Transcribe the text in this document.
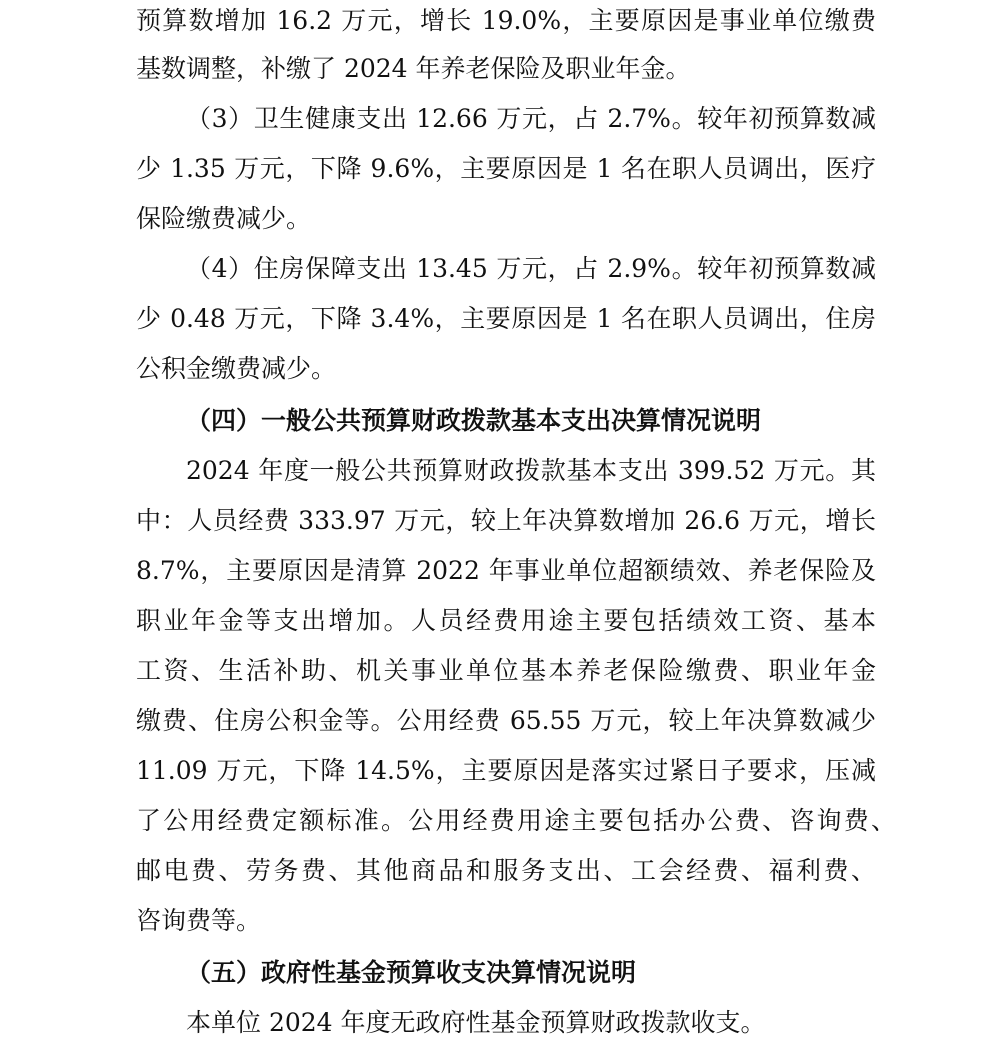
预算数增加 16.2 万元，增长 19.0%，主要原因是事业单位缴费
基数调整，补缴了 2024 年养老保险及职业年金。
（3）卫生健康支出 12.66 万元，占 2.7%。较年初预算数减
少 1.35 万元，下降 9.6%，主要原因是 1 名在职人员调出，医疗
保险缴费减少。
（4）住房保障支出 13.45 万元，占 2.9%。较年初预算数减
少 0.48 万元，下降 3.4%，主要原因是 1 名在职人员调出，住房
公积金缴费减少。
（四）一般公共预算财政拨款基本支出决算情况说明
2024 年度一般公共预算财政拨款基本支出 399.52 万元。其
中：人员经费 333.97 万元，较上年决算数增加 26.6 万元，增长
8.7%，主要原因是清算 2022 年事业单位超额绩效、养老保险及
职业年金等支出增加。人员经费用途主要包括绩效工资、基本
工资、生活补助、机关事业单位基本养老保险缴费、职业年金
缴费、住房公积金等。公用经费 65.55 万元，较上年决算数减少
11.09 万元，下降 14.5%，主要原因是落实过紧日子要求，压减
了公用经费定额标准。公用经费用途主要包括办公费、咨询费、
邮电费、劳务费、其他商品和服务支出、工会经费、福利费、
咨询费等。
（五）政府性基金预算收支决算情况说明
本单位 2024 年度无政府性基金预算财政拨款收支。
